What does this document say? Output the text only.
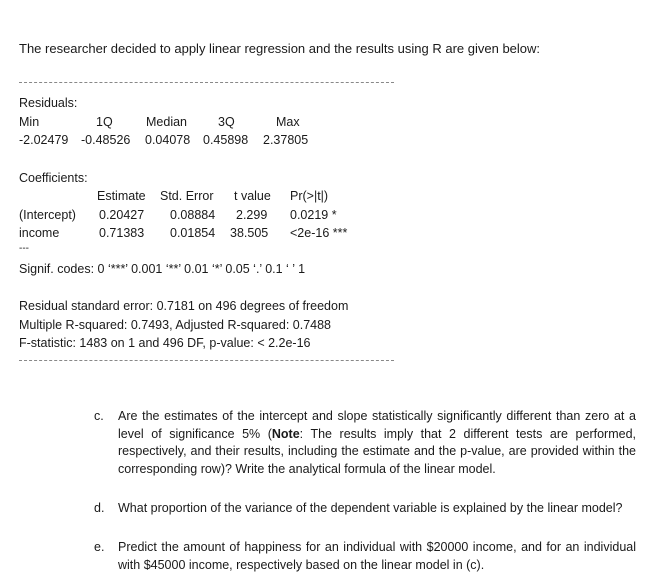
The researcher decided to apply linear regression and the results using R are given below:
Residuals:
Min	1Q	Median 3Q	Max
-2.02479 -0.48526 0.04078 0.45898 2.37805
Coefficients:
Estimate Std. Error t value Pr(>|t|)
(Intercept) 0.20427 0.08884 2.299 0.0219 *
income	0.71383 0.01854 38.505 <2e-16 ***
---
Signif. codes: 0 ‘***’ 0.001 ‘**’ 0.01 ‘*’ 0.05 ‘.’ 0.1 ‘ ’ 1
Residual standard error: 0.7181 on 496 degrees of freedom
Multiple R-squared: 0.7493, Adjusted R-squared: 0.7488
F-statistic: 1483 on 1 and 496 DF, p-value: < 2.2e-16
c.	Are the estimates of the intercept and slope statistically significantly different than zero at a level of significance 5% (Note: The results imply that 2 different tests are performed, respectively, and their results, including the estimate and the p-value, are provided within the corresponding row)? Write the analytical formula of the linear model.
d.	What proportion of the variance of the dependent variable is explained by the linear model?
e.	Predict the amount of happiness for an individual with $20000 income, and for an individual with $45000 income, respectively based on the linear model in (c).
